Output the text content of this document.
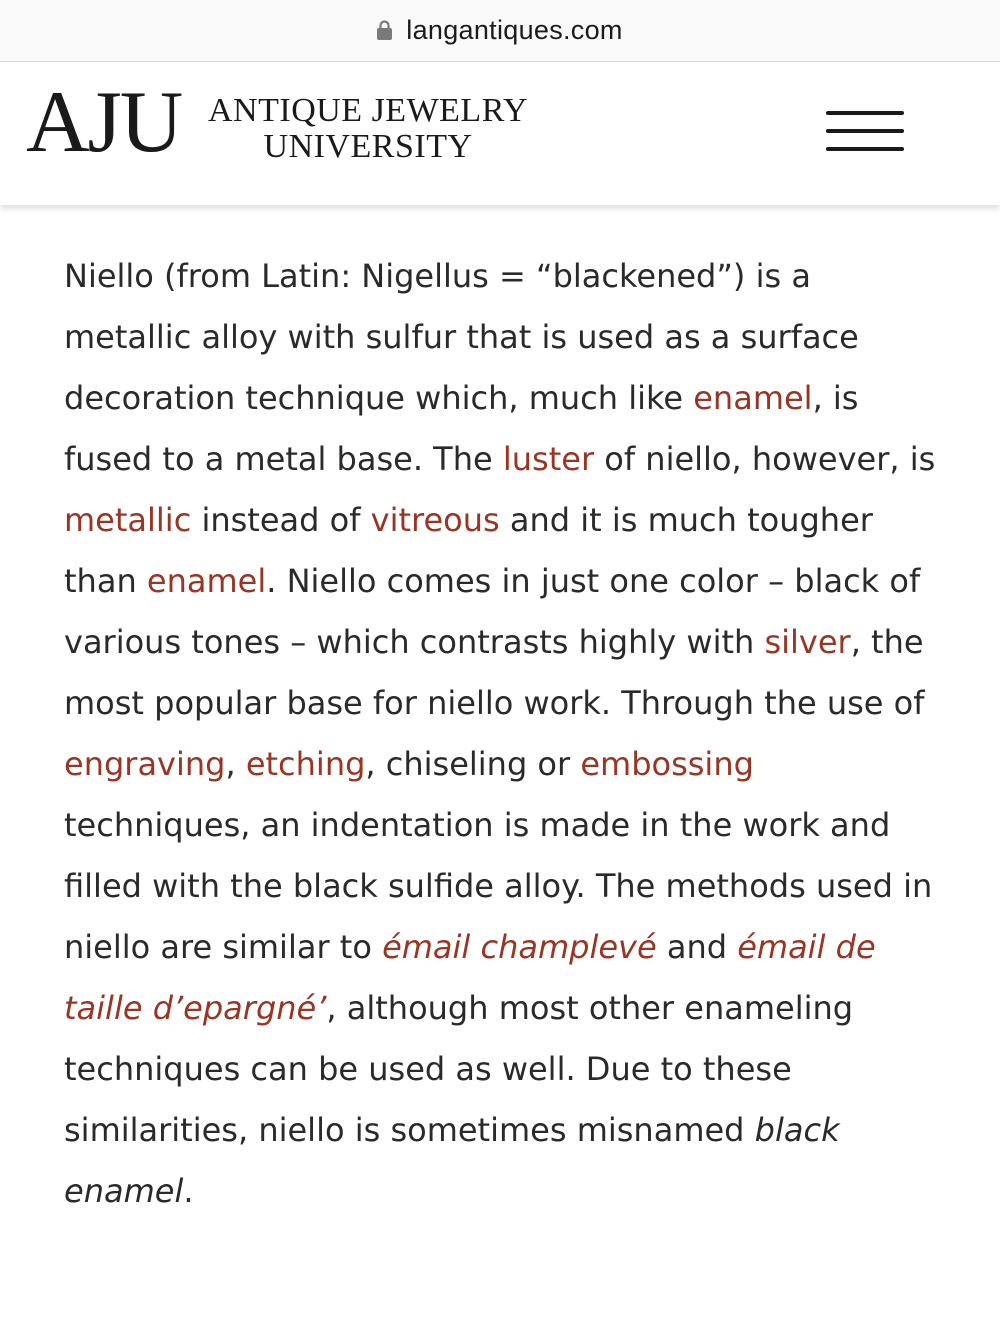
langantiques.com
AJU ANTIQUE JEWELRY
UNIVERSITY

Niello (from Latin: Nigellus = “blackened”) is a metallic alloy with sulfur that is used as a surface decoration technique which, much like enamel, is fused to a metal base. The luster of niello, however, is metallic instead of vitreous and it is much tougher than enamel. Niello comes in just one color – black of various tones – which contrasts highly with silver, the most popular base for niello work. Through the use of engraving, etching, chiseling or embossing techniques, an indentation is made in the work and filled with the black sulfide alloy. The methods used in niello are similar to émail champlevé and émail de taille d’epargné’, although most other enameling techniques can be used as well. Due to these similarities, niello is sometimes misnamed black enamel.
